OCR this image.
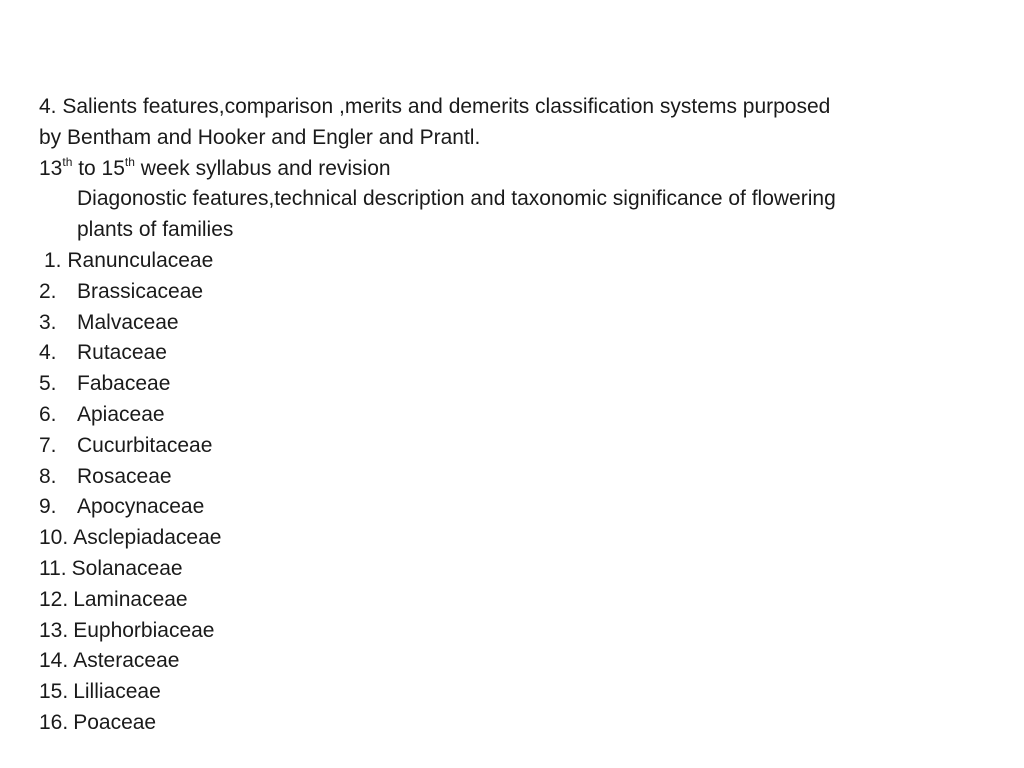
4. Salients features,comparison ,merits and demerits classification systems purposed

by Bentham and Hooker and Engler and Prantl.

13th to 15th week syllabus and revision

Diagonostic features,technical description and taxonomic significance of flowering

plants of families

1. Ranunculaceae

2. Brassicaceae
3. Malvaceae
4. Rutaceae
5. Fabaceae
6. Apiaceae
7. Cucurbitaceae
8. Rosaceae
9. Apocynaceae
10. Asclepiadaceae
11. Solanaceae
12. Laminaceae
13. Euphorbiaceae
14. Asteraceae
15. Lilliaceae
16. Poaceae
